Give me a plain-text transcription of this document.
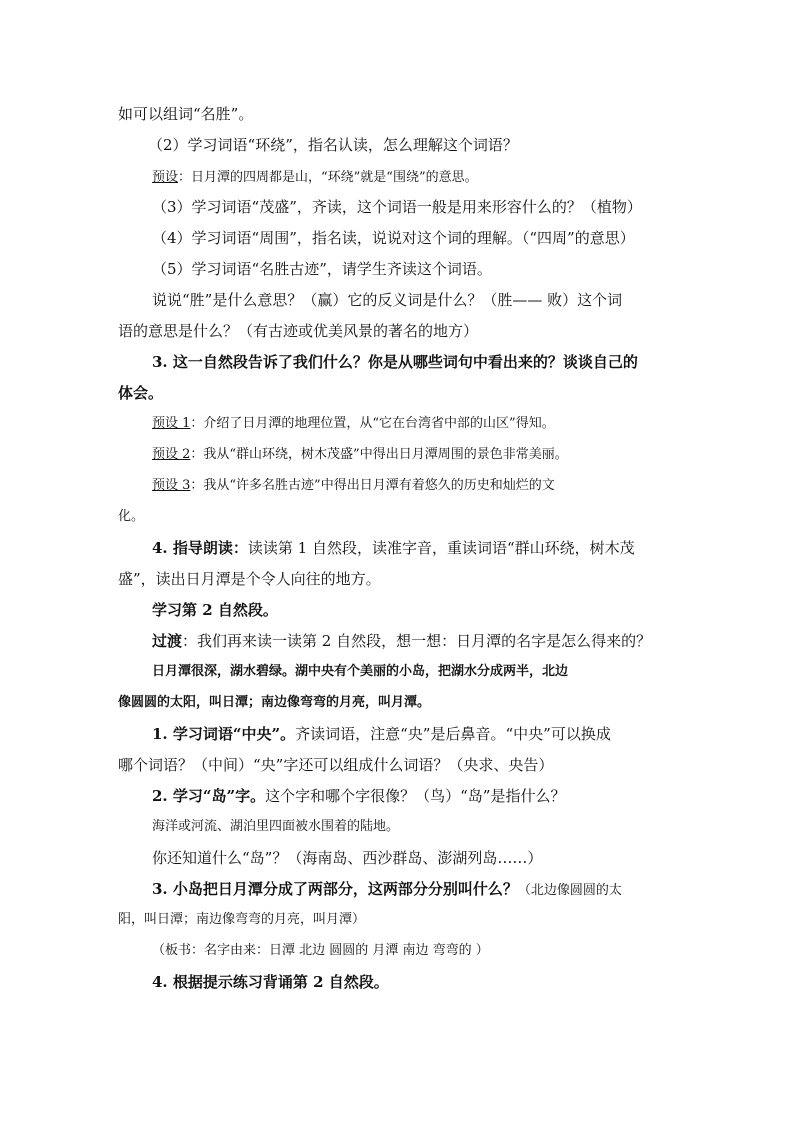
如可以组词“名胜”。
（2）学习词语“环绕”，指名认读，怎么理解这个词语？
预设：日月潭的四周都是山，“环绕”就是“围绕”的意思。
（3）学习词语“茂盛”，齐读，这个词语一般是用来形容什么的？（植物）
（4）学习词语“周围”，指名读，说说对这个词的理解。（“四周”的意思）
（5）学习词语“名胜古迹”，请学生齐读这个词语。
说说“胜”是什么意思？（赢）它的反义词是什么？（胜—— 败）这个词
语的意思是什么？（有古迹或优美风景的著名的地方）
3. 这一自然段告诉了我们什么？你是从哪些词句中看出来的？谈谈自己的
体会。
预设 1：介绍了日月潭的地理位置，从“它在台湾省中部的山区”得知。
预设 2：我从“群山环绕，树木茂盛”中得出日月潭周围的景色非常美丽。
预设 3：我从“许多名胜古迹”中得出日月潭有着悠久的历史和灿烂的文
化。
4. 指导朗读：读读第 1 自然段，读准字音，重读词语“群山环绕，树木茂
盛”，读出日月潭是个令人向往的地方。
学习第 2 自然段。
过渡：我们再来读一读第 2 自然段，想一想：日月潭的名字是怎么得来的？
日月潭很深，湖水碧绿。湖中央有个美丽的小岛，把湖水分成两半，北边
像圆圆的太阳，叫日潭；南边像弯弯的月亮，叫月潭。
1. 学习词语“中央”。齐读词语，注意“央”是后鼻音。“中央”可以换成
哪个词语？（中间）“央”字还可以组成什么词语？（央求、央告）
2. 学习“岛”字。这个字和哪个字很像？（鸟）“岛”是指什么？
海洋或河流、湖泊里四面被水围着的陆地。
你还知道什么“岛”？（海南岛、西沙群岛、澎湖列岛……）
3. 小岛把日月潭分成了两部分，这两部分分别叫什么？（北边像圆圆的太
阳，叫日潭；南边像弯弯的月亮，叫月潭）
（板书：名字由来：日潭 北边 圆圆的 月潭 南边 弯弯的 ）
4. 根据提示练习背诵第 2 自然段。
